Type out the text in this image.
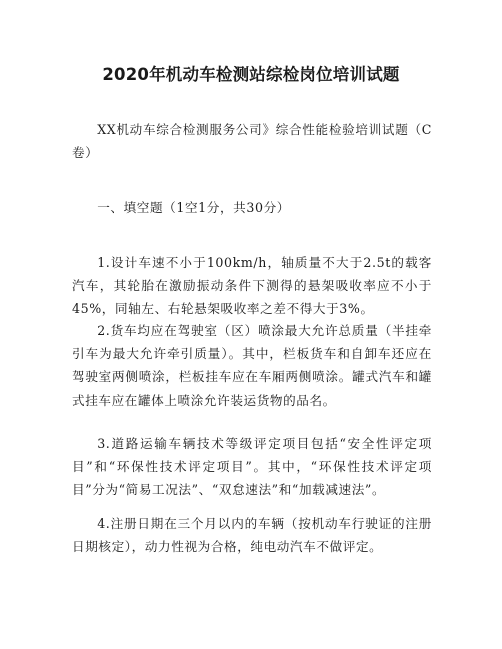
2020年机动车检测站综检岗位培训试题

XX机动车综合检测服务公司》综合性能检验培训试题（C卷）

一、填空题（1空1分，共30分）

1.设计车速不小于100km/h，轴质量不大于2.5t的载客汽车，其轮胎在激励振动条件下测得的悬架吸收率应不小于45%，同轴左、右轮悬架吸收率之差不得大于3%。

2.货车均应在驾驶室（区）喷涂最大允许总质量（半挂牵引车为最大允许牵引质量）。其中，栏板货车和自卸车还应在驾驶室两侧喷涂，栏板挂车应在车厢两侧喷涂。罐式汽车和罐式挂车应在罐体上喷涂允许装运货物的品名。

3.道路运输车辆技术等级评定项目包括“安全性评定项目”和“环保性技术评定项目”。其中，“环保性技术评定项目”分为“简易工况法”、“双怠速法”和“加载减速法”。

4.注册日期在三个月以内的车辆（按机动车行驶证的注册日期核定），动力性视为合格，纯电动汽车不做评定。
